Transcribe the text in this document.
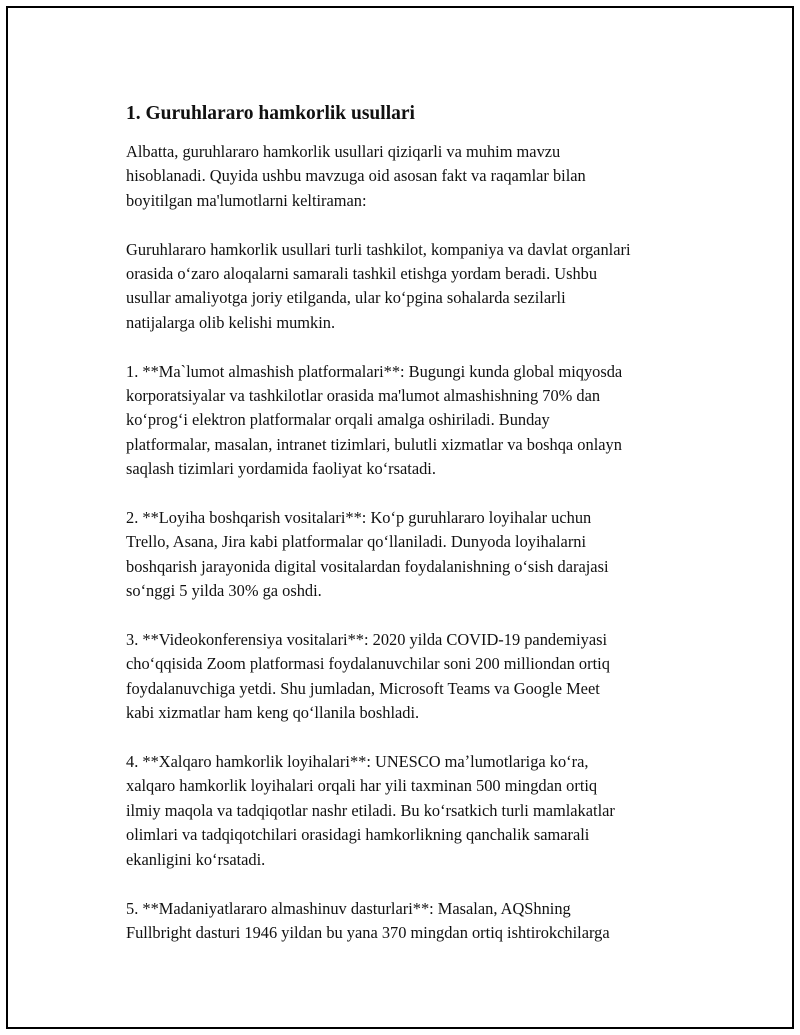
1. Guruhlararo hamkorlik usullari

Albatta, guruhlararo hamkorlik usullari qiziqarli va muhim mavzu
hisoblanadi. Quyida ushbu mavzuga oid asosan fakt va raqamlar bilan
boyitilgan ma'lumotlarni keltiraman:

Guruhlararo hamkorlik usullari turli tashkilot, kompaniya va davlat organlari
orasida oʻzaro aloqalarni samarali tashkil etishga yordam beradi. Ushbu
usullar amaliyotga joriy etilganda, ular koʻpgina sohalarda sezilarli
natijalarga olib kelishi mumkin.

1. **Ma`lumot almashish platformalari**: Bugungi kunda global miqyosda
korporatsiyalar va tashkilotlar orasida ma'lumot almashishning 70% dan
koʻprogʻi elektron platformalar orqali amalga oshiriladi. Bunday
platformalar, masalan, intranet tizimlari, bulutli xizmatlar va boshqa onlayn
saqlash tizimlari yordamida faoliyat koʻrsatadi.

2. **Loyiha boshqarish vositalari**: Koʻp guruhlararo loyihalar uchun
Trello, Asana, Jira kabi platformalar qoʻllaniladi. Dunyoda loyihalarni
boshqarish jarayonida digital vositalardan foydalanishning oʻsish darajasi
soʻnggi 5 yilda 30% ga oshdi.

3. **Videokonferensiya vositalari**: 2020 yilda COVID-19 pandemiyasi
choʻqqisida Zoom platformasi foydalanuvchilar soni 200 milliondan ortiq
foydalanuvchiga yetdi. Shu jumladan, Microsoft Teams va Google Meet
kabi xizmatlar ham keng qoʻllanila boshladi.

4. **Xalqaro hamkorlik loyihalari**: UNESCO maʼlumotlariga koʻra,
xalqaro hamkorlik loyihalari orqali har yili taxminan 500 mingdan ortiq
ilmiy maqola va tadqiqotlar nashr etiladi. Bu koʻrsatkich turli mamlakatlar
olimlari va tadqiqotchilari orasidagi hamkorlikning qanchalik samarali
ekanligini koʻrsatadi.

5. **Madaniyatlararo almashinuv dasturlari**: Masalan, AQShning
Fullbright dasturi 1946 yildan bu yana 370 mingdan ortiq ishtirokchilarga
